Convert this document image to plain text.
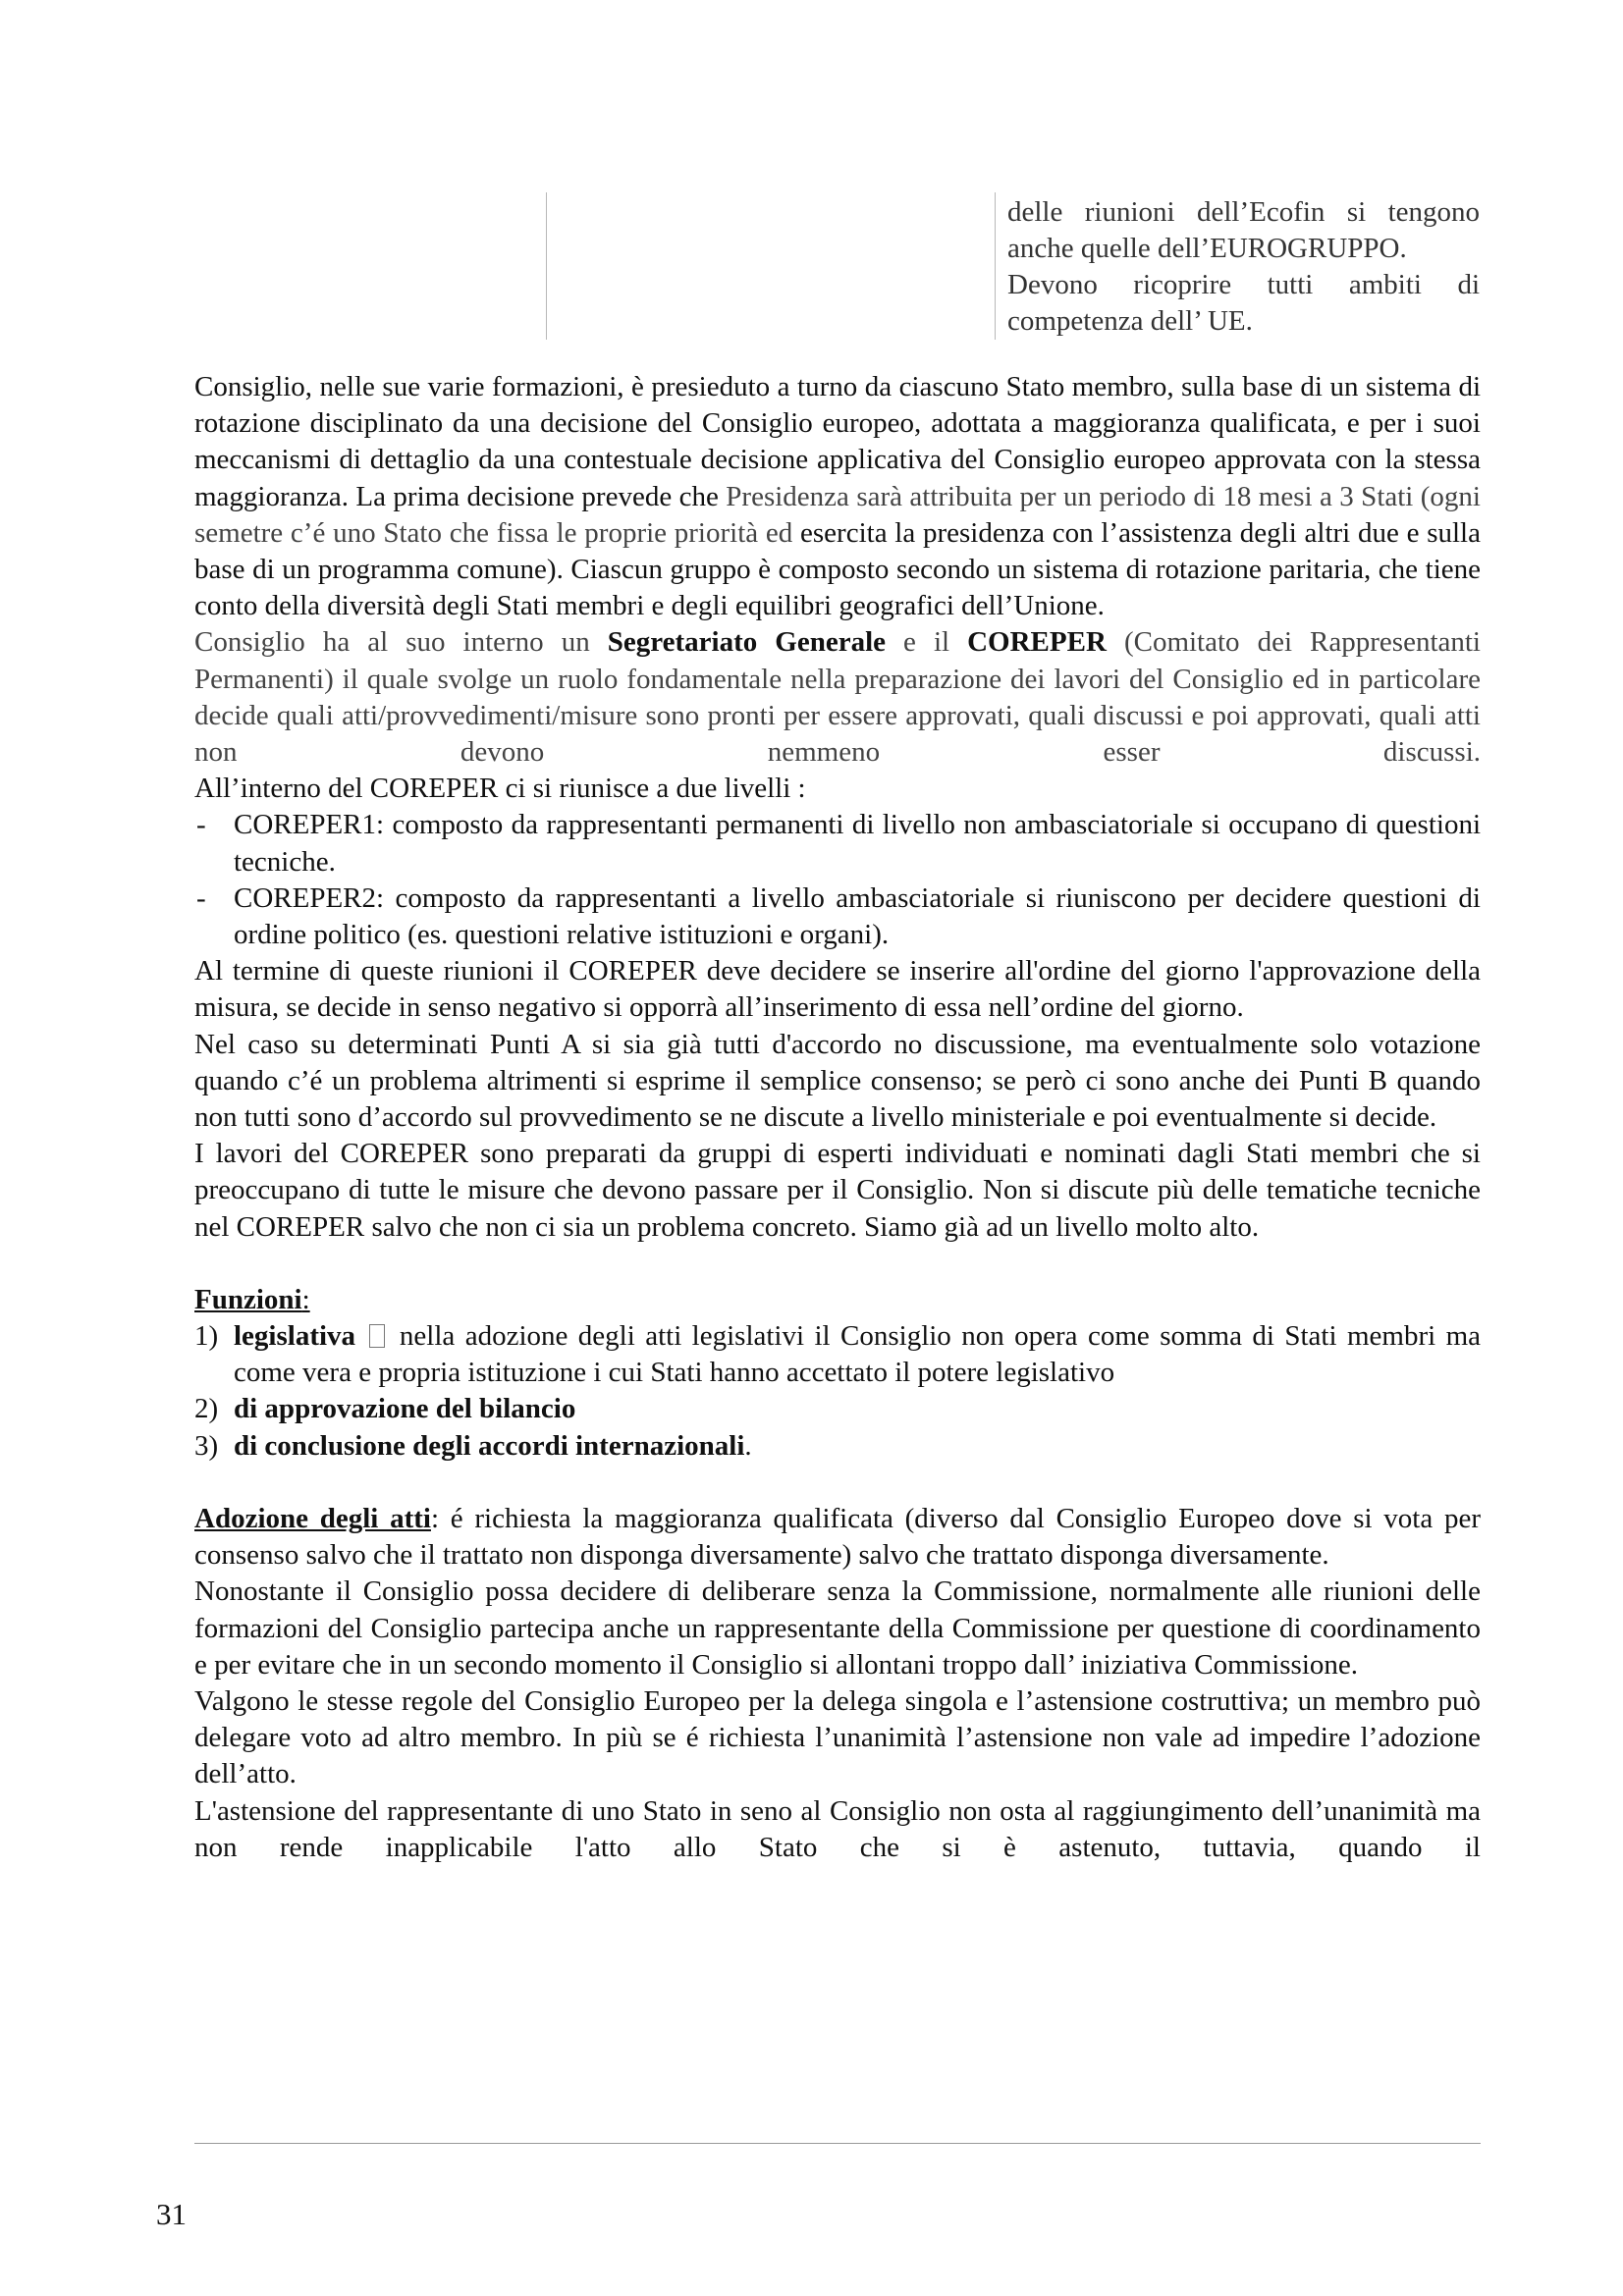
delle riunioni dell’Ecofin si tengono

anche quelle dell’EUROGRUPPO.

Devono ricoprire tutti ambiti di

competenza dell’ UE.

Consiglio, nelle sue varie formazioni, è presieduto a turno da ciascuno Stato membro, sulla base di un sistema di rotazione disciplinato da una decisione del Consiglio europeo, adottata a maggioranza qualificata, e per i suoi meccanismi di dettaglio da una contestuale decisione applicativa del Consiglio europeo approvata con la stessa maggioranza. La prima decisione prevede che Presidenza sarà attribuita per un periodo di 18 mesi a 3 Stati (ogni semetre c’é uno Stato che fissa le proprie priorità ed esercita la presidenza con l’assistenza degli altri due e sulla base di un programma comune). Ciascun gruppo è composto secondo un sistema di rotazione paritaria, che tiene conto della diversità degli Stati membri e degli equilibri geografici dell’Unione.

Consiglio ha al suo interno un Segretariato Generale e il COREPER (Comitato dei Rappresentanti Permanenti) il quale svolge un ruolo fondamentale nella preparazione dei lavori del Consiglio ed in particolare decide quali atti/provvedimenti/misure sono pronti per essere approvati, quali discussi e poi approvati, quali atti non devono nemmeno esser discussi.

All’interno del COREPER ci si riunisce a due livelli :

- COREPER1: composto da rappresentanti permanenti di livello non ambasciatoriale si occupano di questioni tecniche.

- COREPER2: composto da rappresentanti a livello ambasciatoriale si riuniscono per decidere questioni di ordine politico (es. questioni relative istituzioni e organi).

Al termine di queste riunioni il COREPER deve decidere se inserire all'ordine del giorno l'approvazione della misura, se decide in senso negativo si opporrà all’inserimento di essa nell’ordine del giorno.

Nel caso su determinati Punti A si sia già tutti d'accordo no discussione, ma eventualmente solo votazione quando c’é un problema altrimenti si esprime il semplice consenso; se però ci sono anche dei Punti B quando non tutti sono d’accordo sul provvedimento se ne discute a livello ministeriale e poi eventualmente si decide.

I lavori del COREPER sono preparati da gruppi di esperti individuati e nominati dagli Stati membri che si preoccupano di tutte le misure che devono passare per il Consiglio. Non si discute più delle tematiche tecniche nel COREPER salvo che non ci sia un problema concreto. Siamo già ad un livello molto alto.

Funzioni:

1) legislativa nella adozione degli atti legislativi il Consiglio non opera come somma di Stati membri ma come vera e propria istituzione i cui Stati hanno accettato il potere legislativo

2) di approvazione del bilancio

3) di conclusione degli accordi internazionali.

Adozione degli atti: é richiesta la maggioranza qualificata (diverso dal Consiglio Europeo dove si vota per consenso salvo che il trattato non disponga diversamente) salvo che trattato disponga diversamente.

Nonostante il Consiglio possa decidere di deliberare senza la Commissione, normalmente alle riunioni delle formazioni del Consiglio partecipa anche un rappresentante della Commissione per questione di coordinamento e per evitare che in un secondo momento il Consiglio si allontani troppo dall’ iniziativa Commissione.

Valgono le stesse regole del Consiglio Europeo per la delega singola e l’astensione costruttiva; un membro può delegare voto ad altro membro. In più se é richiesta l’unanimità l’astensione non vale ad impedire l’adozione dell’atto.

L'astensione del rappresentante di uno Stato in seno al Consiglio non osta al raggiungimento dell’unanimità ma non rende inapplicabile l'atto allo Stato che si è astenuto, tuttavia, quando il

31
